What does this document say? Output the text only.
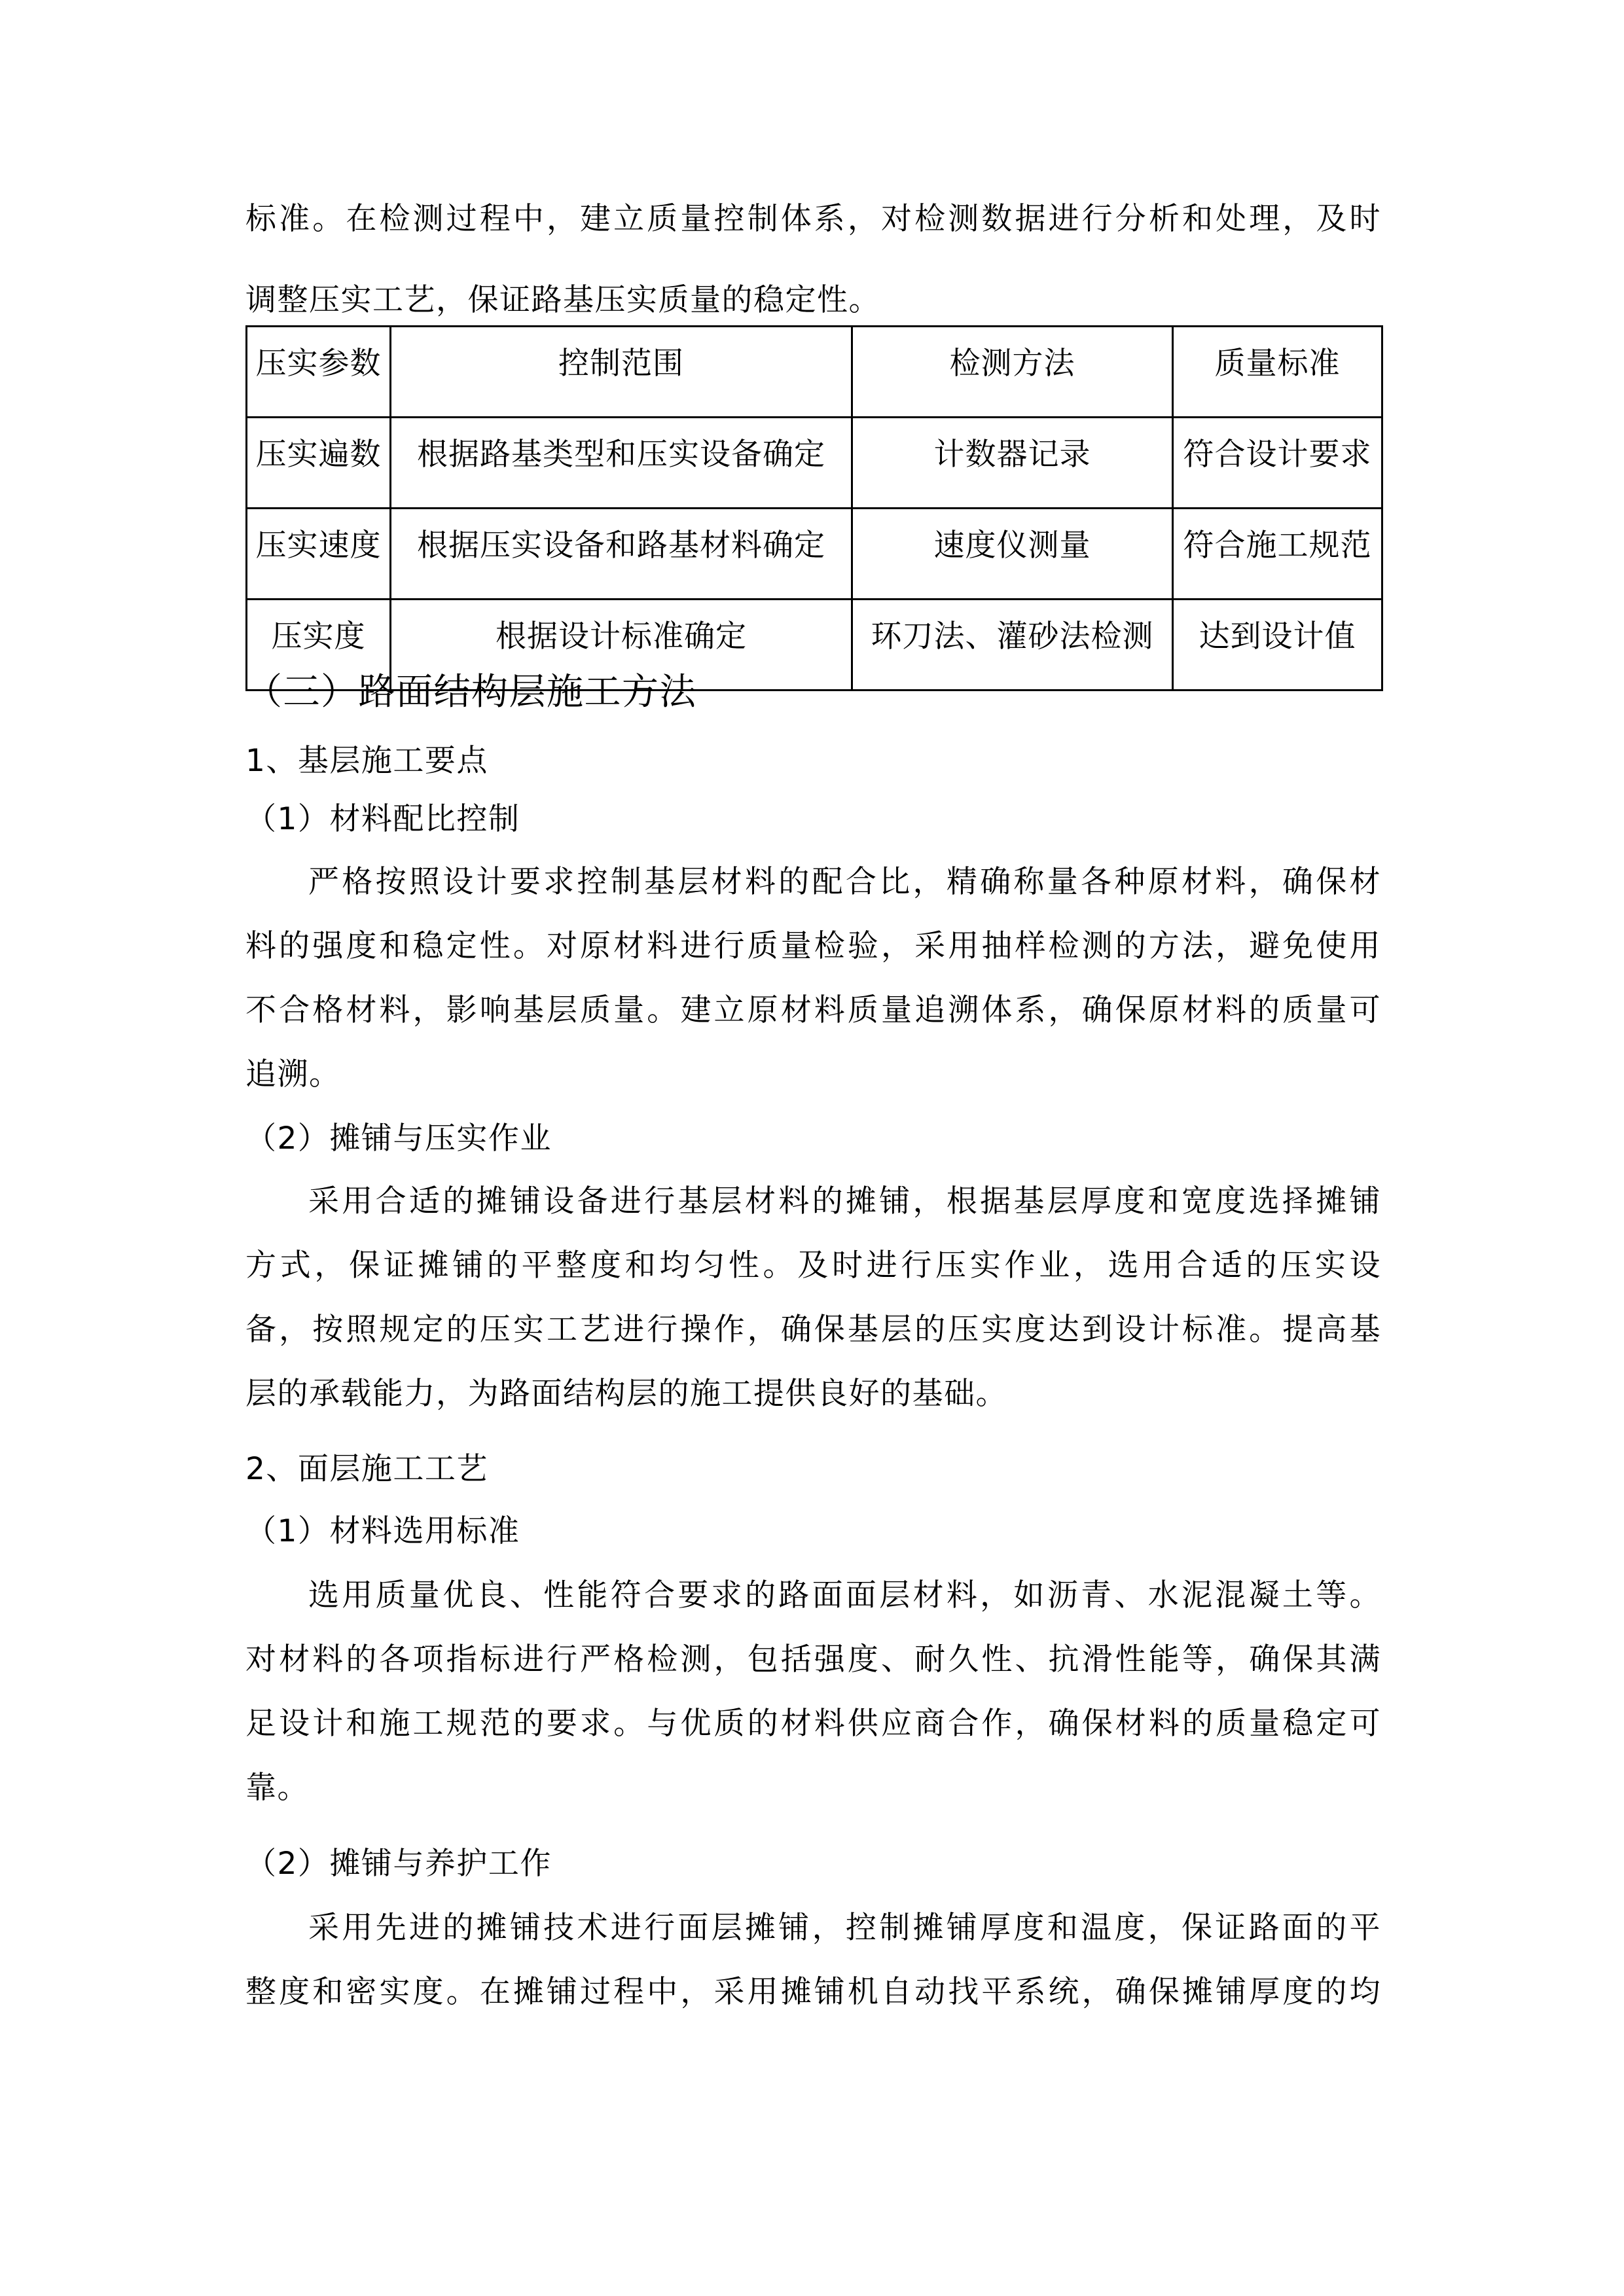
标准。在检测过程中，建立质量控制体系，对检测数据进行分析和处理，及时
调整压实工艺，保证路基压实质量的稳定性。
压实参数	控制范围	检测方法	质量标准
压实遍数	根据路基类型和压实设备确定	计数器记录	符合设计要求
压实速度	根据压实设备和路基材料确定	速度仪测量	符合施工规范
压实度	根据设计标准确定	环刀法、灌砂法检测	达到设计值
（三）路面结构层施工方法
1、基层施工要点
（1）材料配比控制
严格按照设计要求控制基层材料的配合比，精确称量各种原材料，确保材
料的强度和稳定性。对原材料进行质量检验，采用抽样检测的方法，避免使用
不合格材料，影响基层质量。建立原材料质量追溯体系，确保原材料的质量可
追溯。
（2）摊铺与压实作业
采用合适的摊铺设备进行基层材料的摊铺，根据基层厚度和宽度选择摊铺
方式，保证摊铺的平整度和均匀性。及时进行压实作业，选用合适的压实设
备，按照规定的压实工艺进行操作，确保基层的压实度达到设计标准。提高基
层的承载能力，为路面结构层的施工提供良好的基础。
2、面层施工工艺
（1）材料选用标准
选用质量优良、性能符合要求的路面面层材料，如沥青、水泥混凝土等。
对材料的各项指标进行严格检测，包括强度、耐久性、抗滑性能等，确保其满
足设计和施工规范的要求。与优质的材料供应商合作，确保材料的质量稳定可
靠。
（2）摊铺与养护工作
采用先进的摊铺技术进行面层摊铺，控制摊铺厚度和温度，保证路面的平
整度和密实度。在摊铺过程中，采用摊铺机自动找平系统，确保摊铺厚度的均
